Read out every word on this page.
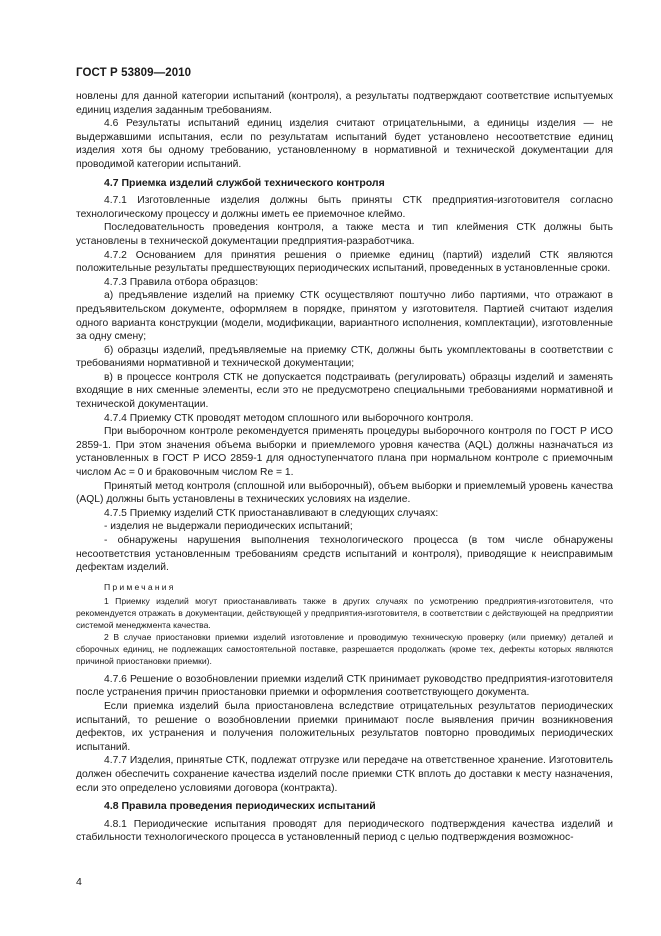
ГОСТ Р 53809—2010

новлены для данной категории испытаний (контроля), а результаты подтверждают соответствие испытуемых единиц изделия заданным требованиям.

4.6 Результаты испытаний единиц изделия считают отрицательными, а единицы изделия — не выдержавшими испытания, если по результатам испытаний будет установлено несоответствие единиц изделия хотя бы одному требованию, установленному в нормативной и технической документации для проводимой категории испытаний.

4.7 Приемка изделий службой технического контроля

4.7.1 Изготовленные изделия должны быть приняты СТК предприятия-изготовителя согласно технологическому процессу и должны иметь ее приемочное клеймо.

Последовательность проведения контроля, а также места и тип клеймения СТК должны быть установлены в технической документации предприятия-разработчика.

4.7.2 Основанием для принятия решения о приемке единиц (партий) изделий СТК являются положительные результаты предшествующих периодических испытаний, проведенных в установленные сроки.

4.7.3 Правила отбора образцов:

а) предъявление изделий на приемку СТК осуществляют поштучно либо партиями, что отражают в предъявительском документе, оформляем в порядке, принятом у изготовителя. Партией считают изделия одного варианта конструкции (модели, модификации, вариантного исполнения, комплектации), изготовленные за одну смену;

б) образцы изделий, предъявляемые на приемку СТК, должны быть укомплектованы в соответствии с требованиями нормативной и технической документации;

в) в процессе контроля СТК не допускается подстраивать (регулировать) образцы изделий и заменять входящие в них сменные элементы, если это не предусмотрено специальными требованиями нормативной и технической документации.

4.7.4 Приемку СТК проводят методом сплошного или выборочного контроля.

При выборочном контроле рекомендуется применять процедуры выборочного контроля по ГОСТ Р ИСО 2859-1. При этом значения объема выборки и приемлемого уровня качества (AQL) должны назначаться из установленных в ГОСТ Р ИСО 2859-1 для одноступенчатого плана при нормальном контроле с приемочным числом Ас = 0 и браковочным числом Re = 1.

Принятый метод контроля (сплошной или выборочный), объем выборки и приемлемый уровень качества (AQL) должны быть установлены в технических условиях на изделие.

4.7.5 Приемку изделий СТК приостанавливают в следующих случаях:

- изделия не выдержали периодических испытаний;

- обнаружены нарушения выполнения технологического процесса (в том числе обнаружены несоответствия установленным требованиям средств испытаний и контроля), приводящие к неисправимым дефектам изделий.

Примечания

1 Приемку изделий могут приостанавливать также в других случаях по усмотрению предприятия-изготовителя, что рекомендуется отражать в документации, действующей у предприятия-изготовителя, в соответствии с действующей на предприятии системой менеджмента качества.

2 В случае приостановки приемки изделий изготовление и проводимую техническую проверку (или приемку) деталей и сборочных единиц, не подлежащих самостоятельной поставке, разрешается продолжать (кроме тех, дефекты которых являются причиной приостановки приемки).

4.7.6 Решение о возобновлении приемки изделий СТК принимает руководство предприятия-изготовителя после устранения причин приостановки приемки и оформления соответствующего документа.

Если приемка изделий была приостановлена вследствие отрицательных результатов периодических испытаний, то решение о возобновлении приемки принимают после выявления причин возникновения дефектов, их устранения и получения положительных результатов повторно проводимых периодических испытаний.

4.7.7 Изделия, принятые СТК, подлежат отгрузке или передаче на ответственное хранение. Изготовитель должен обеспечить сохранение качества изделий после приемки СТК вплоть до доставки к месту назначения, если это определено условиями договора (контракта).

4.8 Правила проведения периодических испытаний

4.8.1 Периодические испытания проводят для периодического подтверждения качества изделий и стабильности технологического процесса в установленный период с целью подтверждения возможнос-

4
